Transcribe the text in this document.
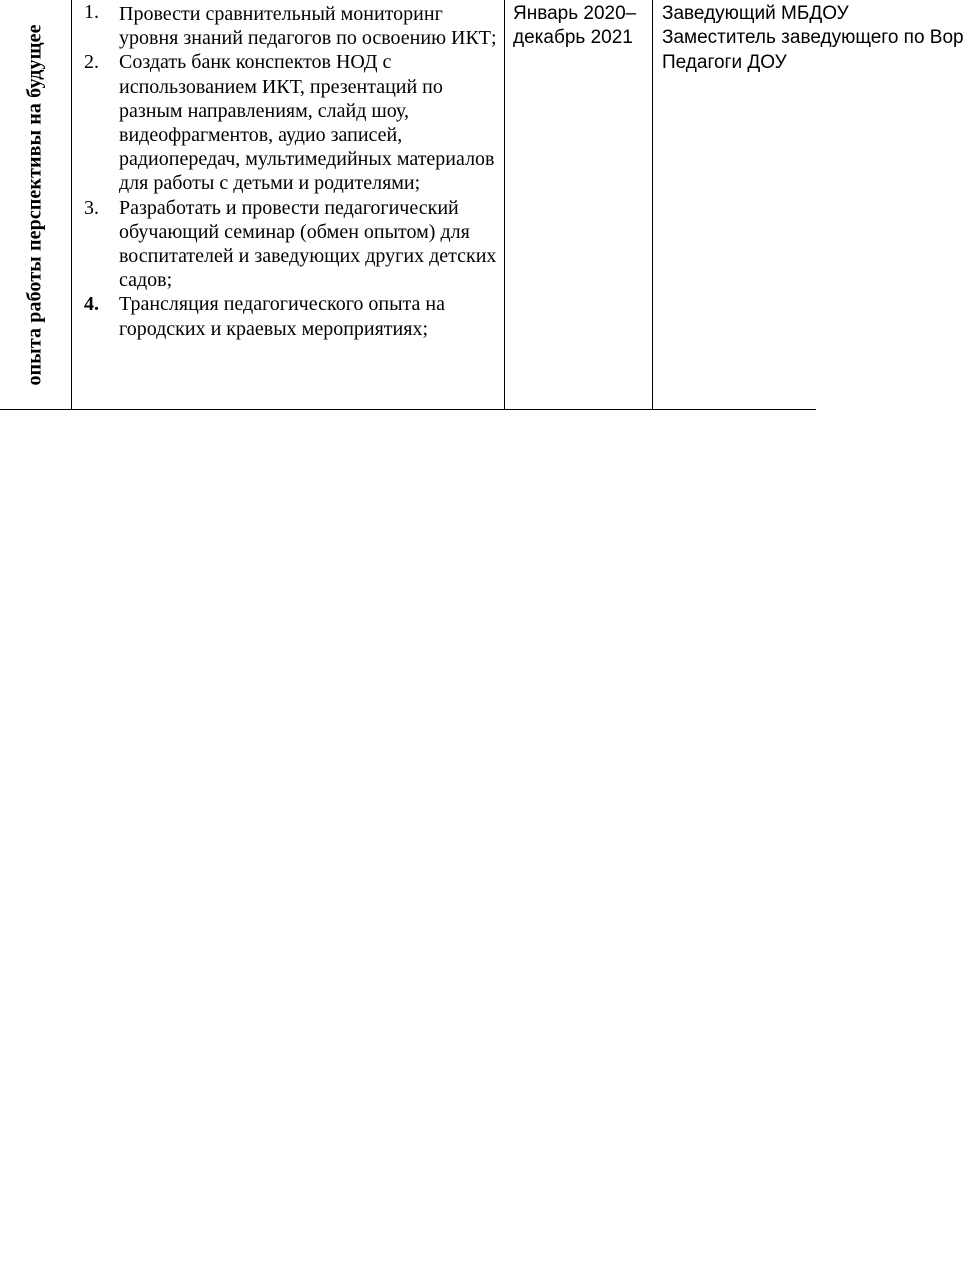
опыта работы перспективы на будущее
1. Провести сравнительный мониторинг уровня знаний педагогов по освоению ИКТ;
2. Создать банк конспектов НОД с использованием ИКТ, презентаций по разным направлениям, слайд шоу, видеофрагментов, аудио записей, радиопередач, мультимедийных материалов для работы с детьми и родителями;
3. Разработать и провести педагогический обучающий семинар (обмен опытом) для воспитателей и заведующих других детских садов;
4. Трансляция педагогического опыта на городских и краевых мероприятиях;
Январь 2020–декабрь 2021
Заведующий МБДОУ
Заместитель заведующего по Вор
Педагоги ДОУ
